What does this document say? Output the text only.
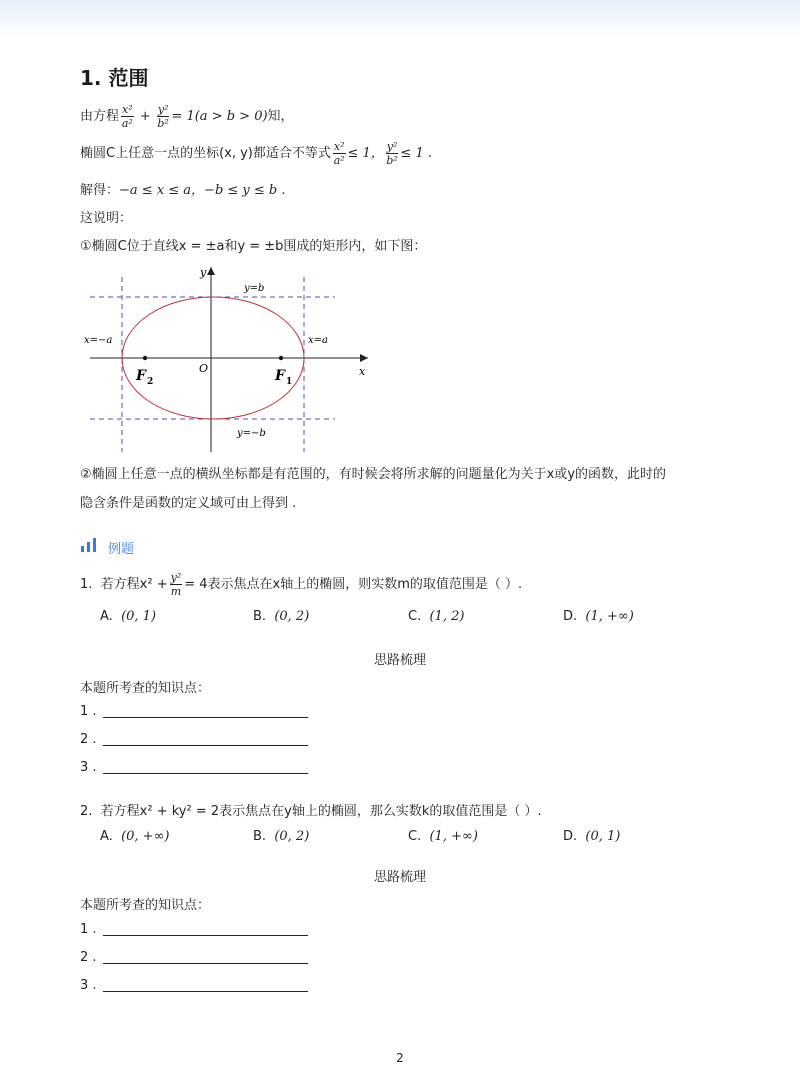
1. 范围
由方程 $\frac{\text{x²}}{\text{a²}} + \frac{\text{y²}}{\text{b²}} = 1(a > b > 0)$知，
椭圆C上任意一点的坐标(x, y)都适合不等式 $\frac{\text{x²}}{\text{a²}} \le 1$， $\frac{\text{y²}}{\text{b²}} \le 1$ .
解得：−a ≤ x ≤ a，−b ≤ y ≤ b .
这说明：
①椭圆C位于直线x = ±a和y = ±b围成的矩形内，如下图：
y
x
O
y=b
y=−b
x=−a	x=a
F 2	F 1
②椭圆上任意一点的横纵坐标都是有范围的，有时候会将所求解的问题量化为关于x或y的函数，此时的
隐含条件是函数的定义域可由上得到 .
例题
1. 若方程$x^2 + \frac{\text{y²}}{m} = 4$表示焦点在x轴上的椭圆，则实数m的取值范围是（ ）.
A. (0, 1)	B. (0, 2)	C. (1, 2)	D. (1, +∞)
思路梳理
本题所考查的知识点：
1 .
2 .
3 .
2. 若方程x² + ky² = 2表示焦点在y轴上的椭圆，那么实数k的取值范围是（ ）.
A. (0, +∞)	B. (0, 2)	C. (1, +∞)	D. (0, 1)
思路梳理
本题所考查的知识点：
1 .
2 .
3 .
2
